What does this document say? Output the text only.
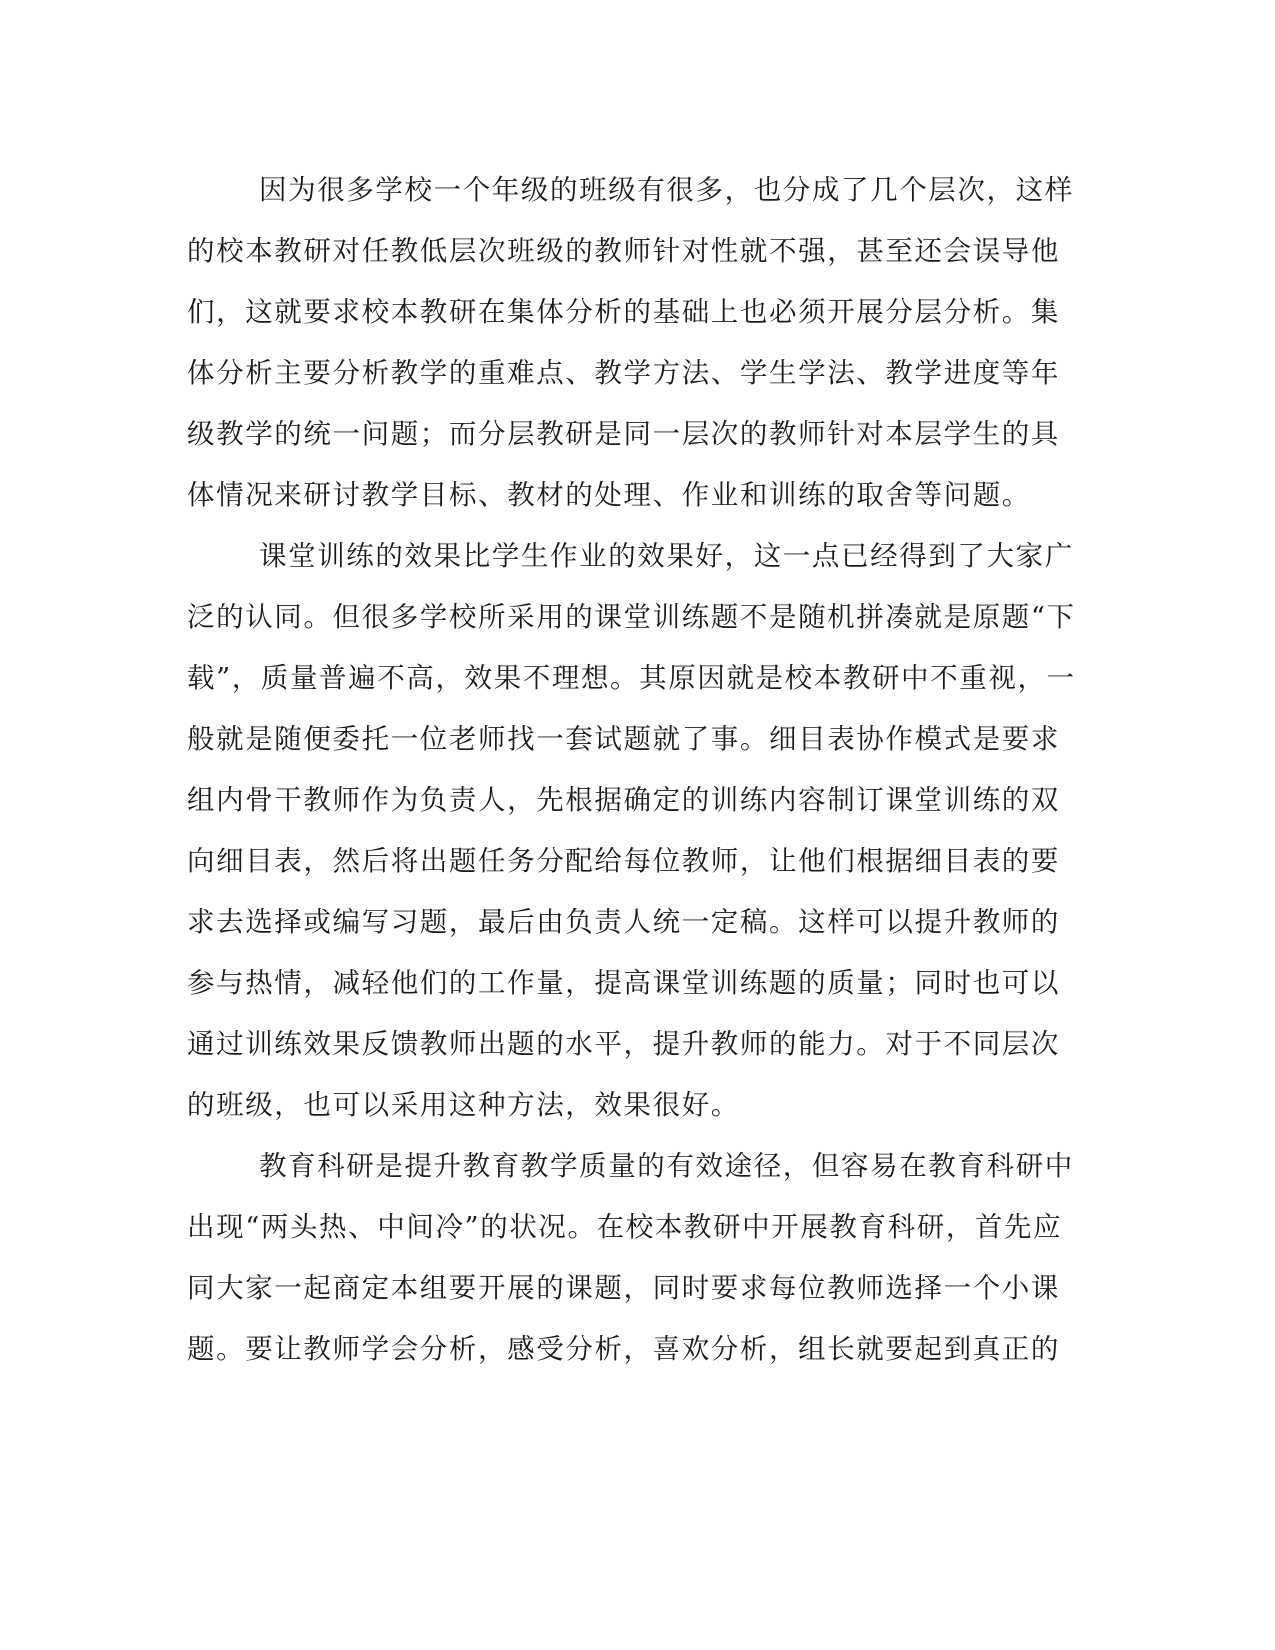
因为很多学校一个年级的班级有很多，也分成了几个层次，这样
的校本教研对任教低层次班级的教师针对性就不强，甚至还会误导他
们，这就要求校本教研在集体分析的基础上也必须开展分层分析。集
体分析主要分析教学的重难点、教学方法、学生学法、教学进度等年
级教学的统一问题；而分层教研是同一层次的教师针对本层学生的具
体情况来研讨教学目标、教材的处理、作业和训练的取舍等问题。
课堂训练的效果比学生作业的效果好，这一点已经得到了大家广
泛的认同。但很多学校所采用的课堂训练题不是随机拼凑就是原题“下
载”，质量普遍不高，效果不理想。其原因就是校本教研中不重视，一
般就是随便委托一位老师找一套试题就了事。细目表协作模式是要求
组内骨干教师作为负责人，先根据确定的训练内容制订课堂训练的双
向细目表，然后将出题任务分配给每位教师，让他们根据细目表的要
求去选择或编写习题，最后由负责人统一定稿。这样可以提升教师的
参与热情，减轻他们的工作量，提高课堂训练题的质量；同时也可以
通过训练效果反馈教师出题的水平，提升教师的能力。对于不同层次
的班级，也可以采用这种方法，效果很好。
教育科研是提升教育教学质量的有效途径，但容易在教育科研中
出现“两头热、中间冷”的状况。在校本教研中开展教育科研，首先应
同大家一起商定本组要开展的课题，同时要求每位教师选择一个小课
题。要让教师学会分析，感受分析，喜欢分析，组长就要起到真正的
